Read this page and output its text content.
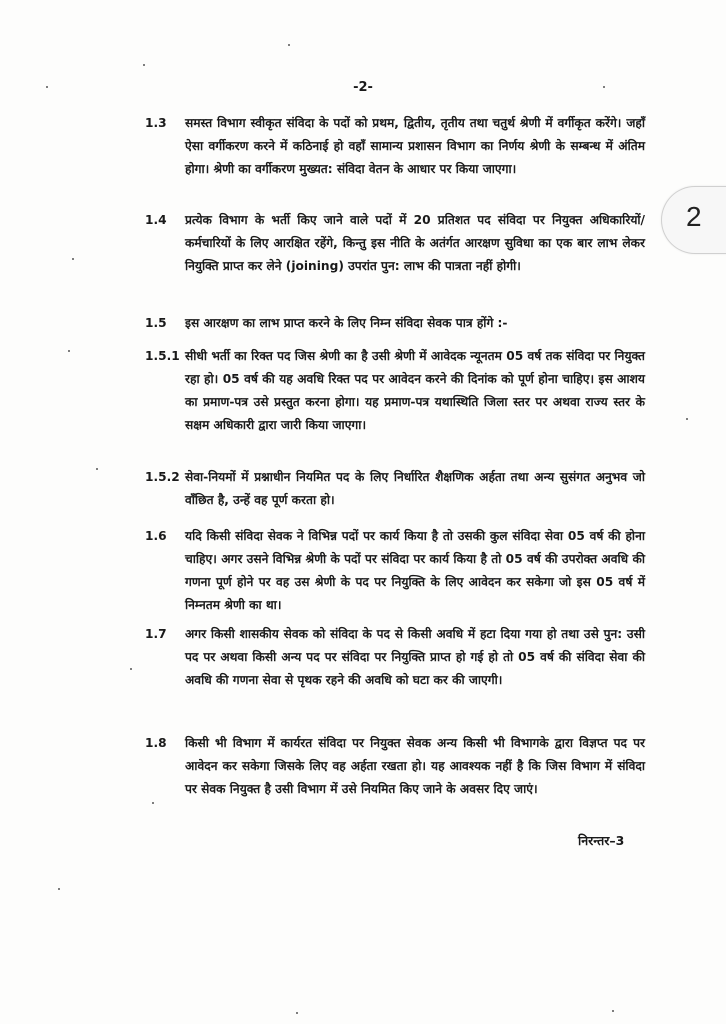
-2-
1.3	समस्त विभाग स्वीकृत संविदा के पदों को प्रथम, द्वितीय, तृतीय तथा चतुर्थ श्रेणी में वर्गीकृत करेंगे। जहाँ ऐसा वर्गीकरण करने में कठिनाई हो वहाँ सामान्य प्रशासन विभाग का निर्णय श्रेणी के सम्बन्ध में अंतिम होगा। श्रेणी का वर्गीकरण मुख्यत: संविदा वेतन के आधार पर किया जाएगा।
1.4	प्रत्येक विभाग के भर्ती किए जाने वाले पदों में 20 प्रतिशत पद संविदा पर नियुक्त अधिकारियों/कर्मचारियों के लिए आरक्षित रहेंगे, किन्तु इस नीति के अतंर्गत आरक्षण सुविधा का एक बार लाभ लेकर नियुक्ति प्राप्त कर लेने (joining) उपरांत पुन: लाभ की पात्रता नहीं होगी।
1.5	इस आरक्षण का लाभ प्राप्त करने के लिए निम्न संविदा सेवक पात्र होंगे :-
1.5.1 सीधी भर्ती का रिक्त पद जिस श्रेणी का है उसी श्रेणी में आवेदक न्यूनतम 05 वर्ष तक संविदा पर नियुक्त रहा हो। 05 वर्ष की यह अवधि रिक्त पद पर आवेदन करने की दिनांक को पूर्ण होना चाहिए। इस आशय का प्रमाण-पत्र उसे प्रस्तुत करना होगा। यह प्रमाण-पत्र यथास्थिति जिला स्तर पर अथवा राज्य स्तर के सक्षम अधिकारी द्वारा जारी किया जाएगा।
1.5.2 सेवा-नियमों में प्रश्नाधीन नियमित पद के लिए निर्धारित शैक्षणिक अर्हता तथा अन्य सुसंगत अनुभव जो वाँछित है, उन्हें वह पूर्ण करता हो।
1.6	यदि किसी संविदा सेवक ने विभिन्न पदों पर कार्य किया है तो उसकी कुल संविदा सेवा 05 वर्ष की होना चाहिए। अगर उसने विभिन्न श्रेणी के पदों पर संविदा पर कार्य किया है तो 05 वर्ष की उपरोक्त अवधि की गणना पूर्ण होने पर वह उस श्रेणी के पद पर नियुक्ति के लिए आवेदन कर सकेगा जो इस 05 वर्ष में निम्नतम श्रेणी का था।
1.7	अगर किसी शासकीय सेवक को संविदा के पद से किसी अवधि में हटा दिया गया हो तथा उसे पुन: उसी पद पर अथवा किसी अन्य पद पर संविदा पर नियुक्ति प्राप्त हो गई हो तो 05 वर्ष की संविदा सेवा की अवधि की गणना सेवा से पृथक रहने की अवधि को घटा कर की जाएगी।
1.8	किसी भी विभाग में कार्यरत संविदा पर नियुक्त सेवक अन्य किसी भी विभागके द्वारा विज्ञप्त पद पर आवेदन कर सकेगा जिसके लिए वह अर्हता रखता हो। यह आवश्यक नहीं है कि जिस विभाग में संविदा पर सेवक नियुक्त है उसी विभाग में उसे नियमित किए जाने के अवसर दिए जाएं।
निरन्तर–3
2
